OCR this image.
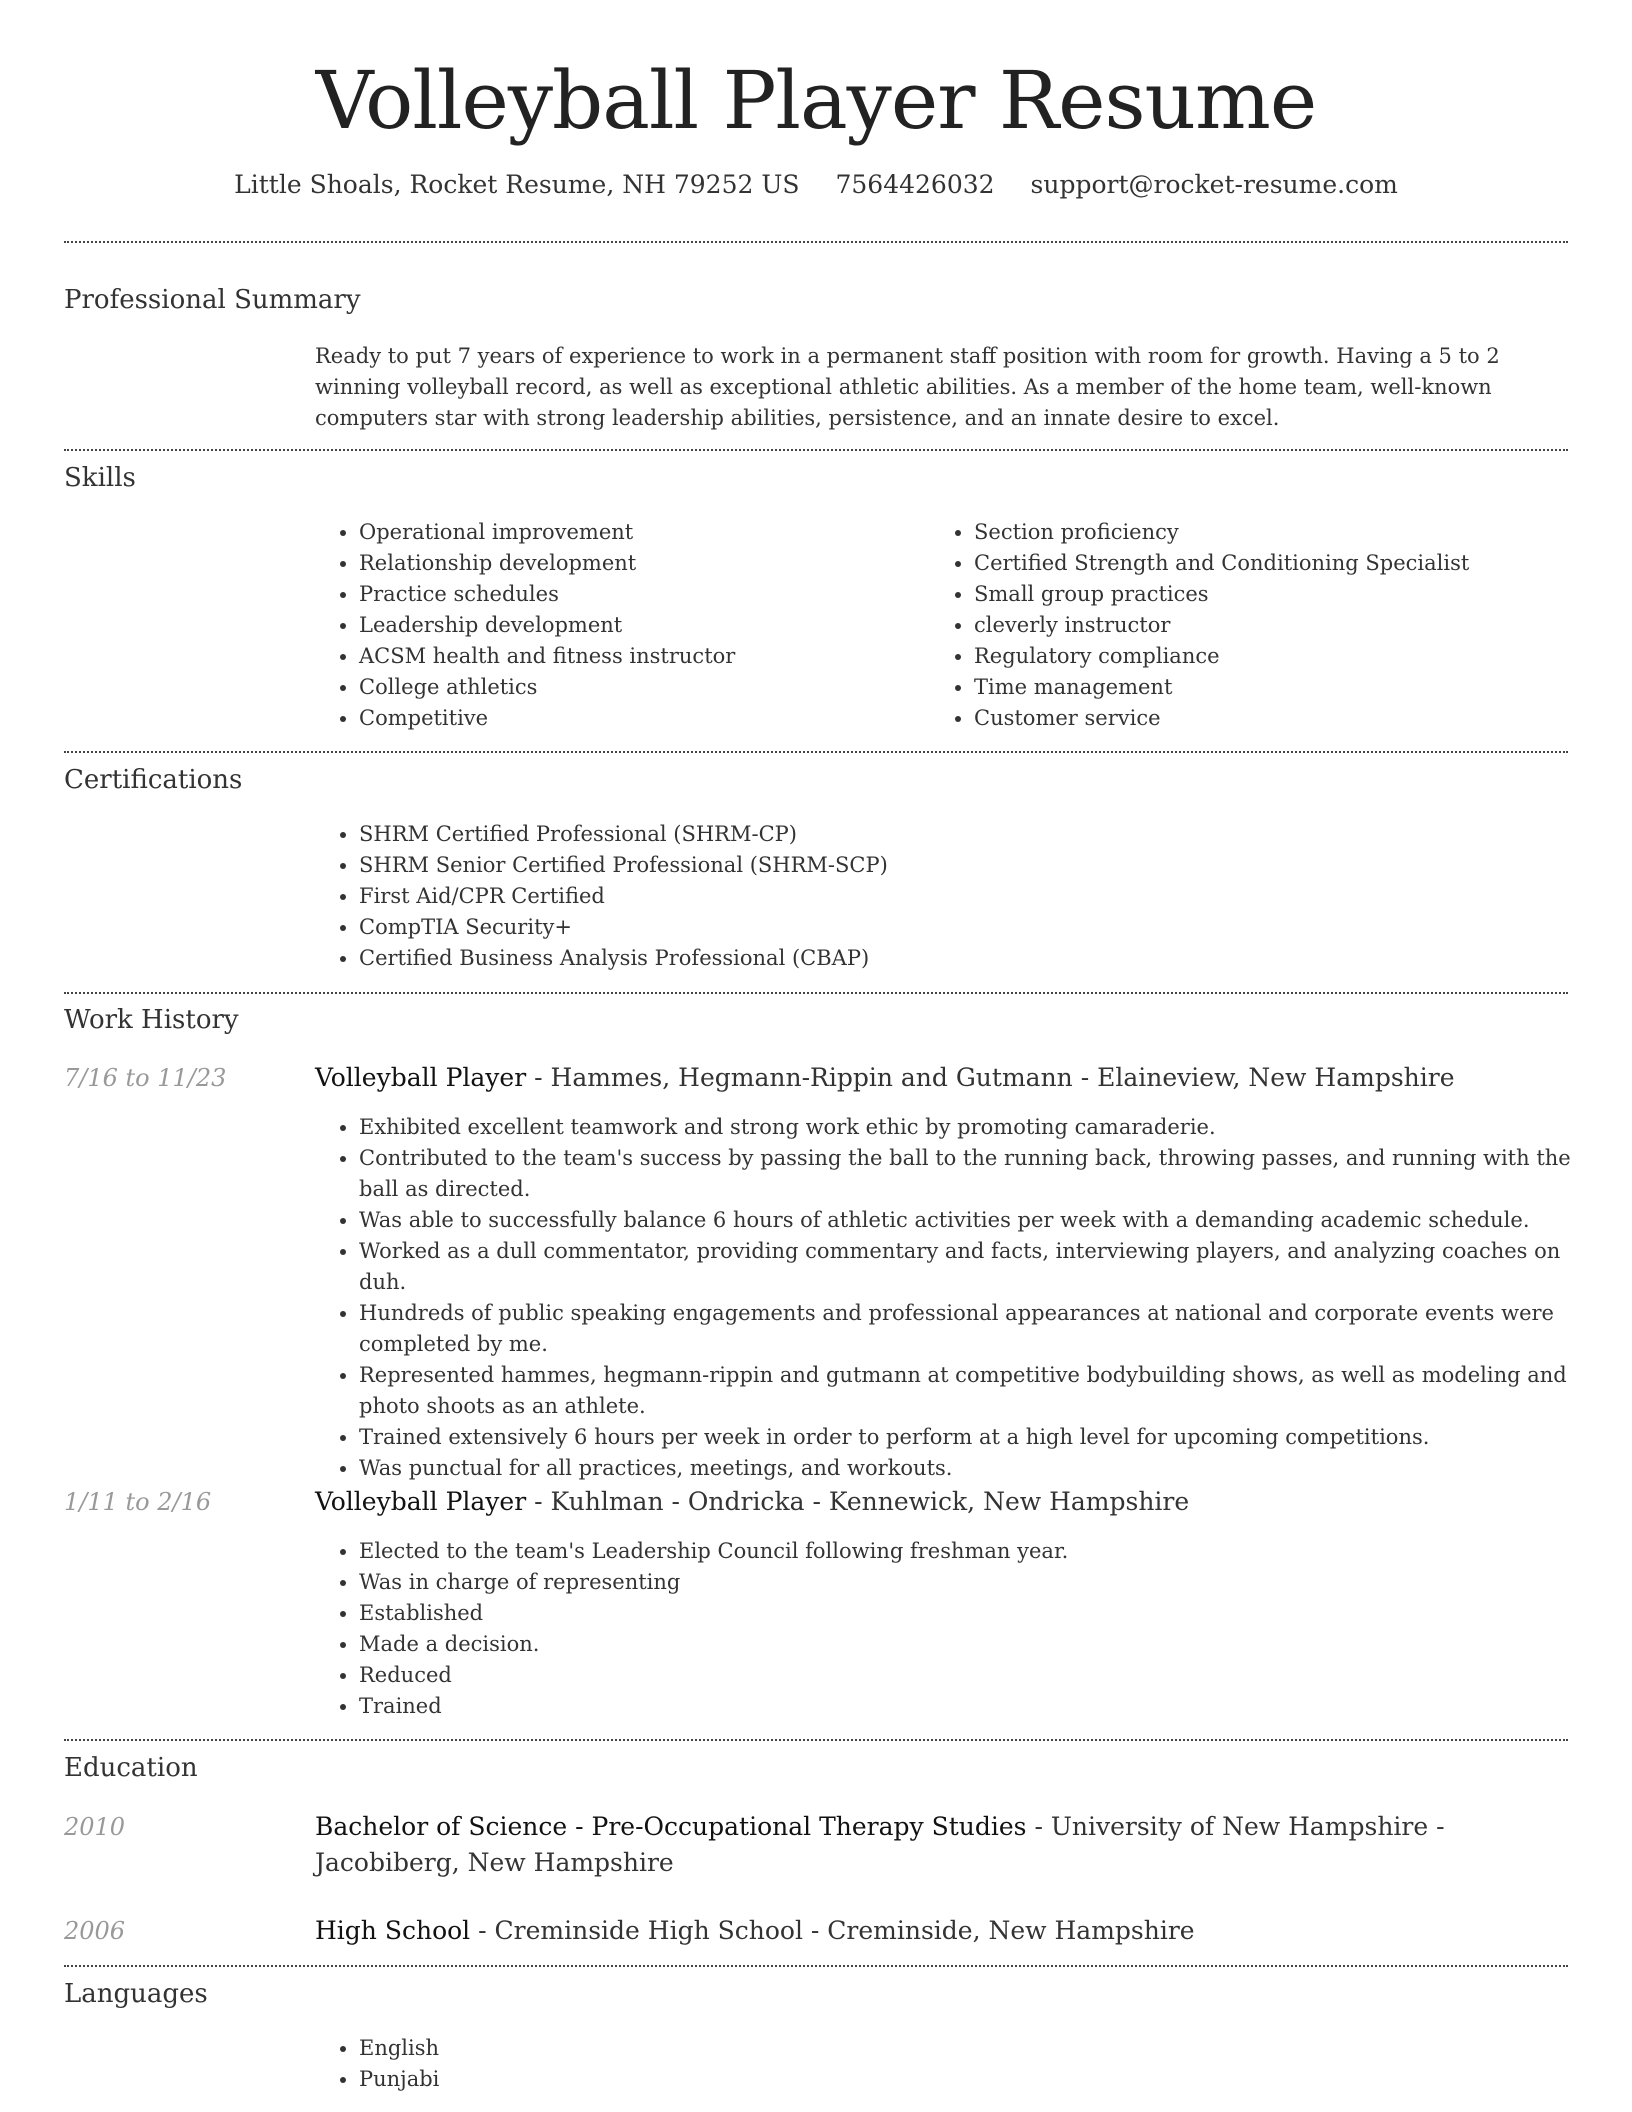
Volleyball Player Resume
Little Shoals, Rocket Resume, NH 79252 US 7564426032 support@rocket-resume.com
Professional Summary
Ready to put 7 years of experience to work in a permanent staff position with room for growth. Having a 5 to 2 winning volleyball record, as well as exceptional athletic abilities. As a member of the home team, well-known computers star with strong leadership abilities, persistence, and an innate desire to excel.
Skills
• Operational improvement
• Relationship development
• Practice schedules
• Leadership development
• ACSM health and fitness instructor
• College athletics
• Competitive
• Section proficiency
• Certified Strength and Conditioning Specialist
• Small group practices
• cleverly instructor
• Regulatory compliance
• Time management
• Customer service
Certifications
• SHRM Certified Professional (SHRM-CP)
• SHRM Senior Certified Professional (SHRM-SCP)
• First Aid/CPR Certified
• CompTIA Security+
• Certified Business Analysis Professional (CBAP)
Work History
7/16 to 11/23	Volleyball Player - Hammes, Hegmann-Rippin and Gutmann - Elaineview, New Hampshire
• Exhibited excellent teamwork and strong work ethic by promoting camaraderie.
• Contributed to the team's success by passing the ball to the running back, throwing passes, and running with the ball as directed.
• Was able to successfully balance 6 hours of athletic activities per week with a demanding academic schedule.
• Worked as a dull commentator, providing commentary and facts, interviewing players, and analyzing coaches on duh.
• Hundreds of public speaking engagements and professional appearances at national and corporate events were completed by me.
• Represented hammes, hegmann-rippin and gutmann at competitive bodybuilding shows, as well as modeling and photo shoots as an athlete.
• Trained extensively 6 hours per week in order to perform at a high level for upcoming competitions.
• Was punctual for all practices, meetings, and workouts.
1/11 to 2/16	Volleyball Player - Kuhlman - Ondricka - Kennewick, New Hampshire
• Elected to the team's Leadership Council following freshman year.
• Was in charge of representing
• Established
• Made a decision.
• Reduced
• Trained
Education
2010	Bachelor of Science - Pre-Occupational Therapy Studies - University of New Hampshire - Jacobiberg, New Hampshire
2006	High School - Creminside High School - Creminside, New Hampshire
Languages
• English
• Punjabi
